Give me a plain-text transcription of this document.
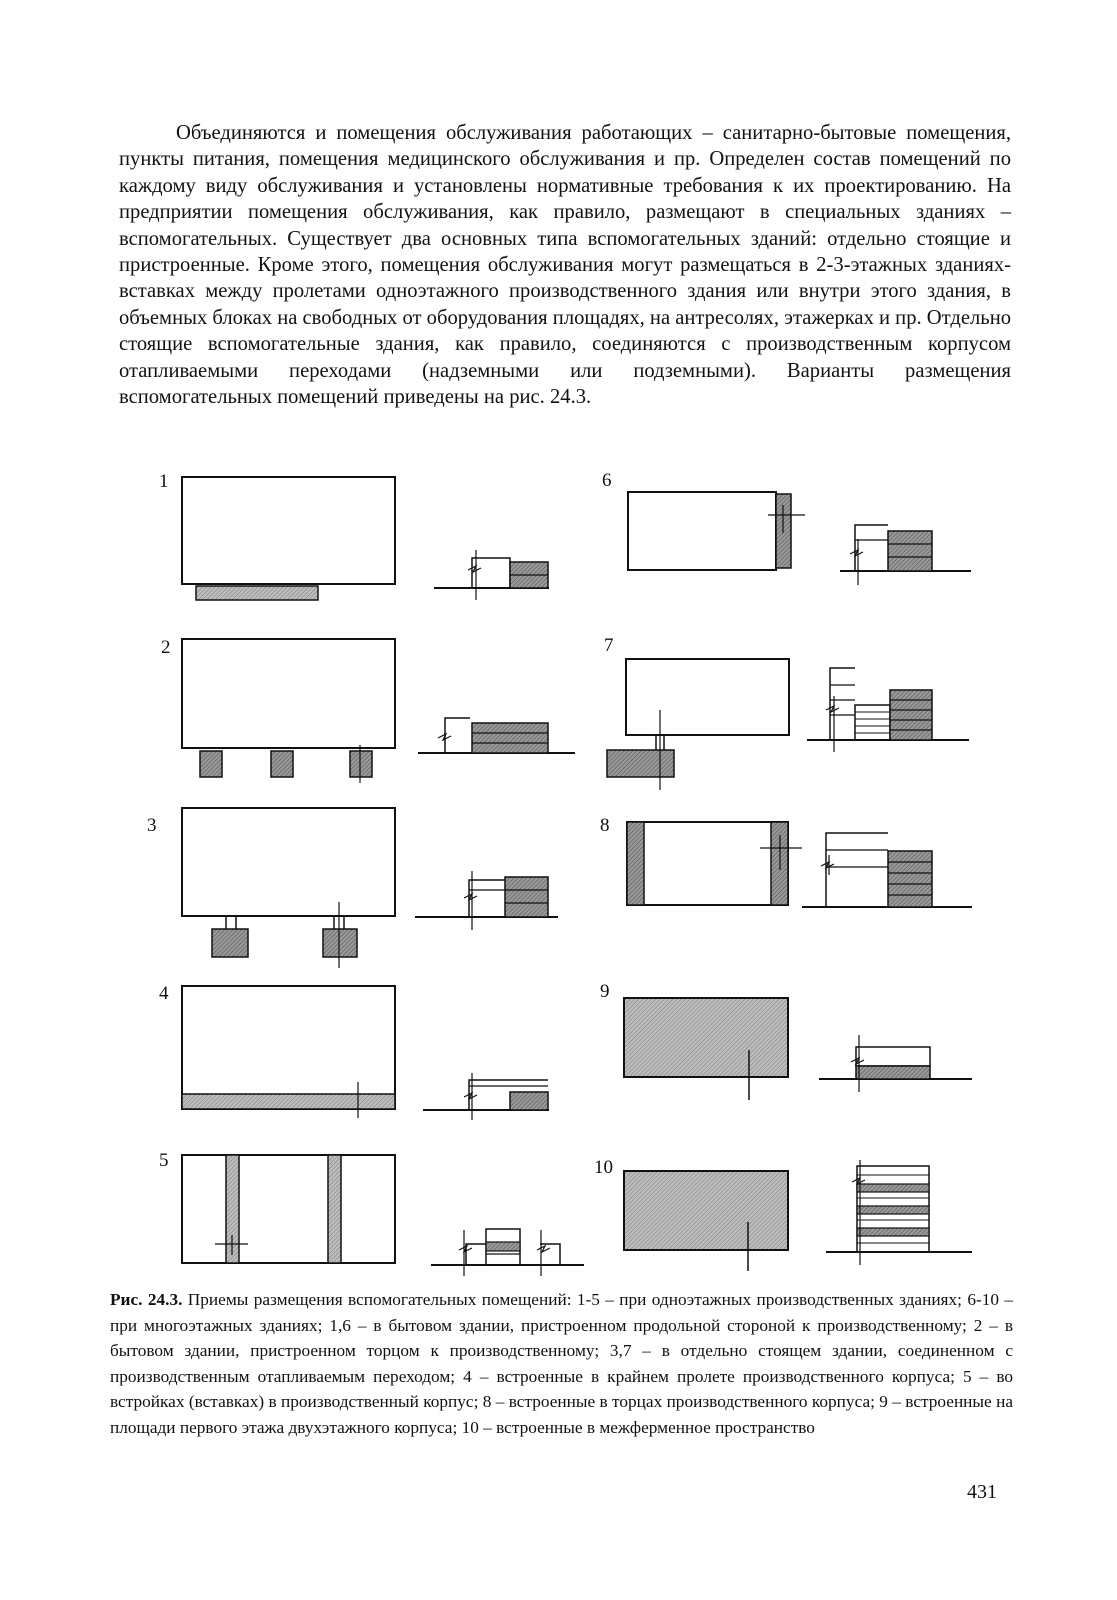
Объединяются и помещения обслуживания работающих – санитарно-бытовые помещения, пункты питания, помещения медицинского обслуживания и пр. Определен состав помещений по каждому виду обслуживания и установлены нормативные требования к их проектированию. На предприятии помещения обслуживания, как правило, размещают в специальных зданиях – вспомогательных. Существует два основных типа вспомогательных зданий: отдельно стоящие и пристроенные. Кроме этого, помещения обслуживания могут размещаться в 2-3-этажных зданиях-вставках между пролетами одноэтажного производственного здания или внутри этого здания, в объемных блоках на свободных от оборудования площадях, на антресолях, этажерках и пр. Отдельно стоящие вспомогательные здания, как правило, соединяются с производственным корпусом отапливаемыми переходами (надземными или подземными). Варианты размещения вспомогательных помещений приведены на рис. 24.3.

1
2
3
4
5
6
7
8
9
10

Рис. 24.3. Приемы размещения вспомогательных помещений: 1-5 – при одноэтажных производственных зданиях; 6-10 – при многоэтажных зданиях; 1,6 – в бытовом здании, пристроенном продольной стороной к производственному; 2 – в бытовом здании, пристроенном торцом к производственному; 3,7 – в отдельно стоящем здании, соединенном с производственным отапливаемым переходом; 4 – встроенные в крайнем пролете производственного корпуса; 5 – во встройках (вставках) в производственный корпус; 8 – встроенные в торцах производственного корпуса; 9 – встроенные на площади первого этажа двухэтажного корпуса; 10 – встроенные в межферменное пространство

431
